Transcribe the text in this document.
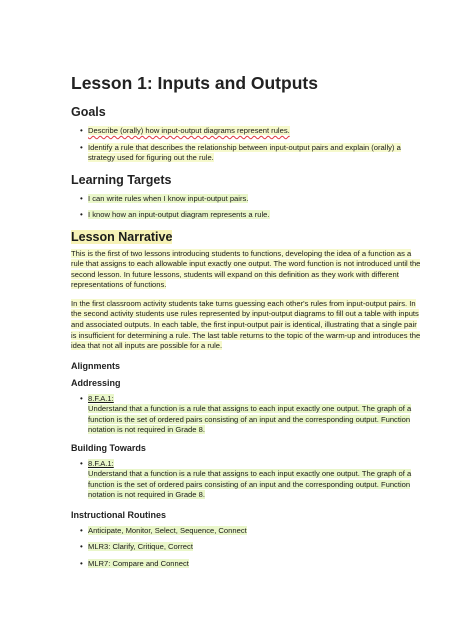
Lesson 1: Inputs and Outputs
Goals
• Describe (orally) how input-output diagrams represent rules.
• Identify a rule that describes the relationship between input-output pairs and explain (orally) a strategy used for figuring out the rule.
Learning Targets
• I can write rules when I know input-output pairs.
• I know how an input-output diagram represents a rule.
Lesson Narrative

This is the first of two lessons introducing students to functions, developing the idea of a function as a rule that assigns to each allowable input exactly one output. The word function is not introduced until the second lesson. In future lessons, students will expand on this definition as they work with different representations of functions.

In the first classroom activity students take turns guessing each other's rules from input-output pairs. In the second activity students use rules represented by input-output diagrams to fill out a table with inputs and associated outputs. In each table, the first input-output pair is identical, illustrating that a single pair is insufficient for determining a rule. The last table returns to the topic of the warm-up and introduces the idea that not all inputs are possible for a rule.

Alignments
Addressing
• 8.F.A.1:
Understand that a function is a rule that assigns to each input exactly one output. The graph of a function is the set of ordered pairs consisting of an input and the corresponding output. Function notation is not required in Grade 8.
Building Towards
• 8.F.A.1:
Understand that a function is a rule that assigns to each input exactly one output. The graph of a function is the set of ordered pairs consisting of an input and the corresponding output. Function notation is not required in Grade 8.
Instructional Routines
• Anticipate, Monitor, Select, Sequence, Connect
• MLR3: Clarify, Critique, Correct
• MLR7: Compare and Connect
